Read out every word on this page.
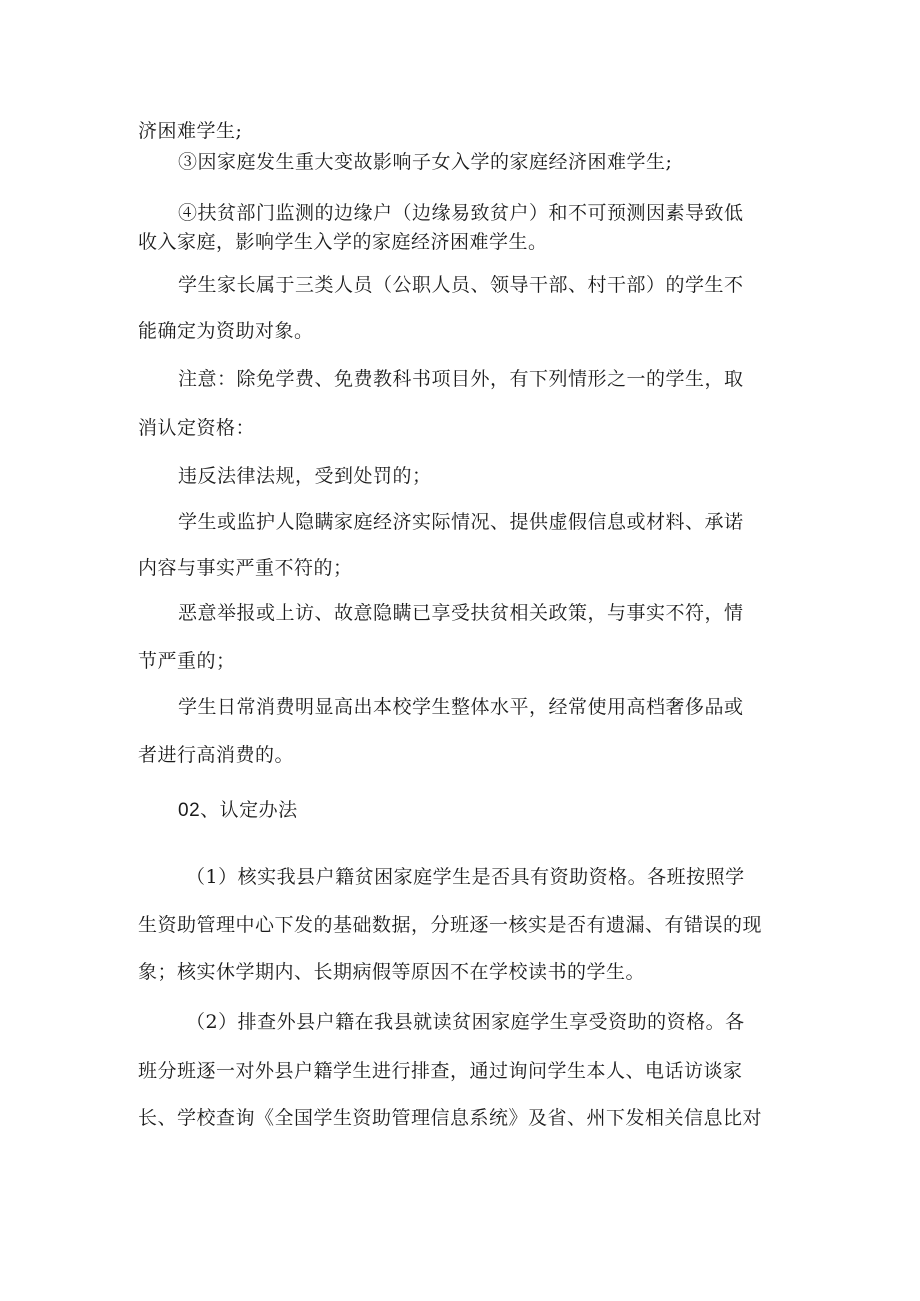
济困难学生;
③因家庭发生重大变故影响子女入学的家庭经济困难学生;
④扶贫部门监测的边缘户（边缘易致贫户）和不可预测因素导致低
收入家庭，影响学生入学的家庭经济困难学生。
学生家长属于三类人员（公职人员、领导干部、村干部）的学生不
能确定为资助对象。
注意：除免学费、免费教科书项目外，有下列情形之一的学生，取
消认定资格：
违反法律法规，受到处罚的；
学生或监护人隐瞒家庭经济实际情况、提供虚假信息或材料、承诺
内容与事实严重不符的；
恶意举报或上访、故意隐瞒已享受扶贫相关政策，与事实不符，情
节严重的；
学生日常消费明显高出本校学生整体水平，经常使用高档奢侈品或
者进行高消费的。
02、认定办法
（1）核实我县户籍贫困家庭学生是否具有资助资格。各班按照学
生资助管理中心下发的基础数据，分班逐一核实是否有遗漏、有错误的现
象；核实休学期内、长期病假等原因不在学校读书的学生。
（2）排查外县户籍在我县就读贫困家庭学生享受资助的资格。各
班分班逐一对外县户籍学生进行排查，通过询问学生本人、电话访谈家
长、学校查询《全国学生资助管理信息系统》及省、州下发相关信息比对
